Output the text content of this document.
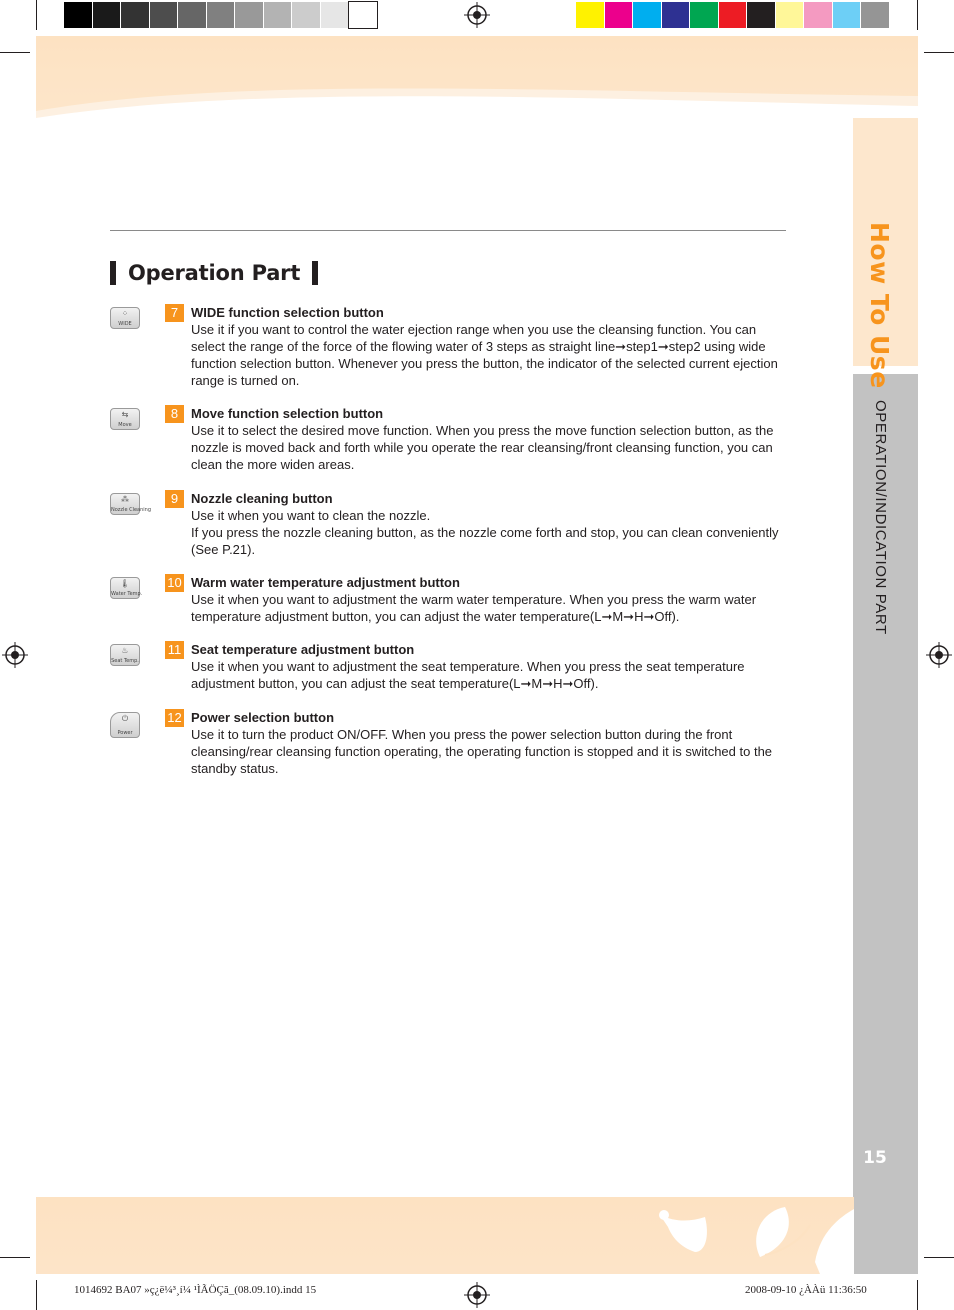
How To Use
OPERATION/INDICATION PART
15
Operation Part
⁘
WIDE
7 WIDE function selection button

Use it if you want to control the water ejection range when you use the cleansing function. You can select the range of the force of the flowing water of 3 steps as straight line➞step1➞step2 using wide function selection button. Whenever you press the button, the indicator of the selected current ejection range is turned on.

⇆
Move
8 Move function selection button

Use it to select the desired move function. When you press the move function selection button, as the nozzle is moved back and forth while you operate the rear cleansing/front cleansing function, you can clean the more widen areas.

⁂
Nozzle Cleaning
9 Nozzle cleaning button

Use it when you want to clean the nozzle.

If you press the nozzle cleaning button, as the nozzle come forth and stop, you can clean conveniently (See P.21).

🌡
Water Temp.
10 Warm water temperature adjustment button

Use it when you want to adjustment the warm water temperature. When you press the warm water temperature adjustment button, you can adjust the water temperature(L➞M➞H➞Off).

♨
Seat Temp.
11 Seat temperature adjustment button

Use it when you want to adjustment the seat temperature. When you press the seat temperature adjustment button, you can adjust the seat temperature(L➞M➞H➞Off).

⏻
Power
12 Power selection button

Use it to turn the product ON/OFF. When you press the power selection button during the front cleansing/rear cleansing function operating, the operating function is stopped and it is switched to the standby status.

1014692 BA07 »ç¿ë¼³¸í¼ ¹ÌÃÖÇã_(08.09.10).indd 15	2008-09-10 ¿ÀÀü 11:36:50
